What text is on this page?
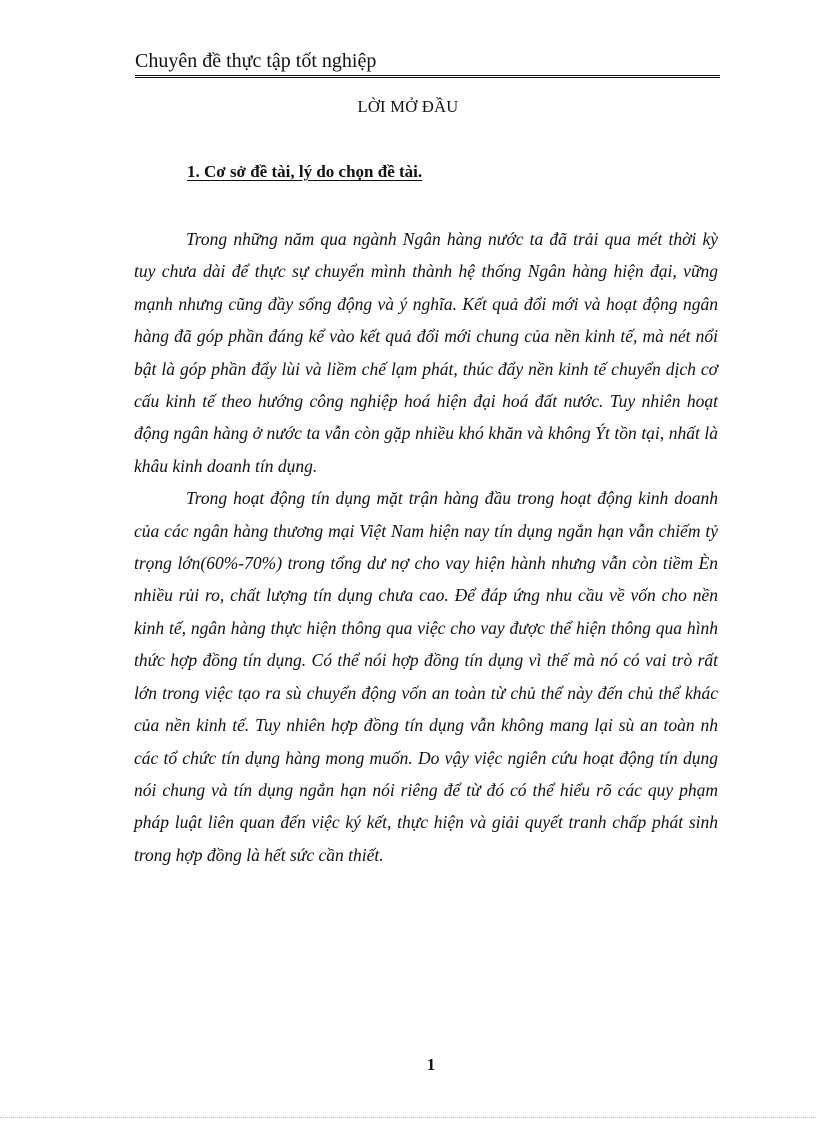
Chuyên đề thực tập tốt nghiệp
LỜI MỞ ĐẦU
1. Cơ sở đề tài, lý do chọn đề tài.

Trong những năm qua ngành Ngân hàng nước ta đã trải qua mét thời kỳ tuy chưa dài để thực sự chuyển mình thành hệ thống Ngân hàng hiện đại, vững mạnh nhưng cũng đầy sống động và ý nghĩa. Kết quả đổi mới và hoạt động ngân hàng đã góp phần đáng kể vào kết quả đổi mới chung của nền kinh tế, mà nét nổi bật là góp phần đẩy lùi và liềm chế lạm phát, thúc đẩy nền kinh tế chuyển dịch cơ cấu kinh tế theo hướng công nghiệp hoá hiện đại hoá đất nước. Tuy nhiên hoạt động ngân hàng ở nước ta vẫn còn gặp nhiều khó khăn và không Ýt tồn tại, nhất là khâu kinh doanh tín dụng.

Trong hoạt động tín dụng mặt trận hàng đầu trong hoạt động kinh doanh của các ngân hàng thương mại Việt Nam hiện nay tín dụng ngắn hạn vẫn chiếm tỷ trọng lớn(60%-70%) trong tổng dư nợ cho vay hiện hành nhưng vẫn còn tiềm Èn nhiều rủi ro, chất lượng tín dụng chưa cao. Để đáp ứng nhu cầu về vốn cho nền kinh tế, ngân hàng thực hiện thông qua việc cho vay được thể hiện thông qua hình thức hợp đồng tín dụng. Có thể nói hợp đồng tín dụng vì thế mà nó có vai trò rất lớn trong việc tạo ra sù chuyển động vốn an toàn từ chủ thể này đến chủ thể khác của nền kinh tế. Tuy nhiên hợp đồng tín dụng vẫn không mang lại sù an toàn nh các tổ chức tín dụng hàng mong muốn. Do vậy việc ngiên cứu hoạt động tín dụng nói chung và tín dụng ngắn hạn nói riêng để từ đó có thể hiểu rõ các quy phạm pháp luật liên quan đến việc ký kết, thực hiện và giải quyết tranh chấp phát sinh trong hợp đồng là hết sức cần thiết.

1
